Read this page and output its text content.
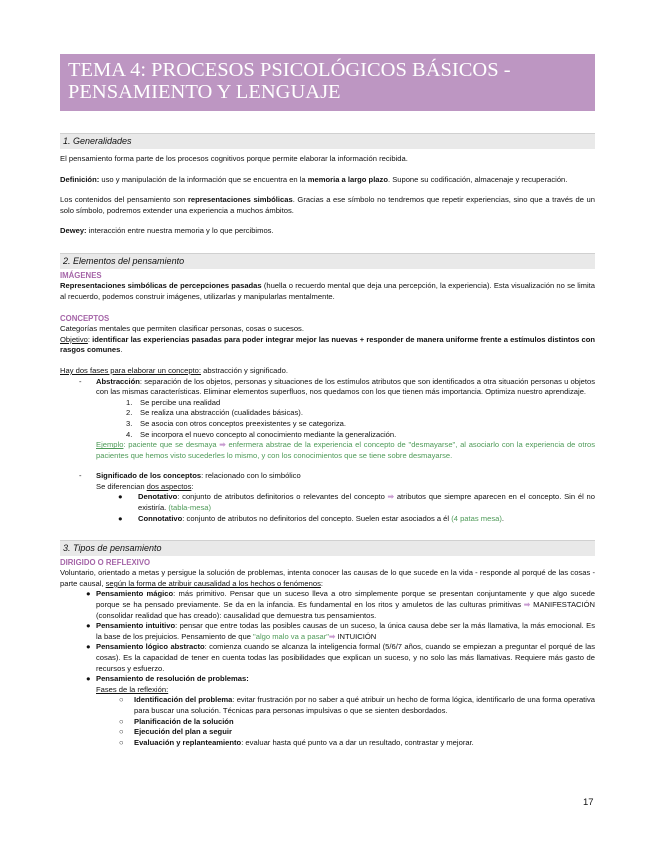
TEMA 4: PROCESOS PSICOLÓGICOS BÁSICOS -
PENSAMIENTO Y LENGUAJE
1. Generalidades

El pensamiento forma parte de los procesos cognitivos porque permite elaborar la información recibida.

Definición: uso y manipulación de la información que se encuentra en la memoria a largo plazo. Supone su codificación, almacenaje y recuperación.

Los contenidos del pensamiento son representaciones simbólicas. Gracias a ese símbolo no tendremos que repetir experiencias, sino que a través de un solo símbolo, podremos extender una experiencia a muchos ámbitos.

Dewey: interacción entre nuestra memoria y lo que percibimos.

2. Elementos del pensamiento
IMÁGENES

Representaciones simbólicas de percepciones pasadas (huella o recuerdo mental que deja una percepción, la experiencia). Esta visualización no se limita al recuerdo, podemos construir imágenes, utilizarlas y manipularlas mentalmente.

CONCEPTOS

Categorías mentales que permiten clasificar personas, cosas o sucesos.

Objetivo: identificar las experiencias pasadas para poder integrar mejor las nuevas + responder de manera uniforme frente a estímulos distintos con rasgos comunes.

Hay dos fases para elaborar un concepto: abstracción y significado.

- Abstracción: separación de los objetos, personas y situaciones de los estímulos atributos que son identificados a otra situación personas u objetos con las mismas características. Eliminar elementos superfluos, nos quedamos con los que tienen más importancia. Optimiza nuestro aprendizaje.

1. Se percibe una realidad
2. Se realiza una abstracción (cualidades básicas).
3. Se asocia con otros conceptos preexistentes y se categoriza.
4. Se incorpora el nuevo concepto al conocimiento mediante la generalización.

Ejemplo: paciente que se desmaya ➡ enfermera abstrae de la experiencia el concepto de "desmayarse", al asociarlo con la experiencia de otros pacientes que hemos visto sucederles lo mismo, y con los conocimientos que se tiene sobre desmayarse.

- Significado de los conceptos: relacionado con lo simbólico

Se diferencian dos aspectos:

● Denotativo: conjunto de atributos definitorios o relevantes del concepto ➡ atributos que siempre aparecen en el concepto. Sin él no existiría. (tabla-mesa)

● Connotativo: conjunto de atributos no definitorios del concepto. Suelen estar asociados a él (4 patas mesa).

3. Tipos de pensamiento
DIRIGIDO O REFLEXIVO

Voluntario, orientado a metas y persigue la solución de problemas, intenta conocer las causas de lo que sucede en la vida - responde al porqué de las cosas - parte causal, según la forma de atribuir causalidad a los hechos o fenómenos:

● Pensamiento mágico: más primitivo. Pensar que un suceso lleva a otro simplemente porque se presentan conjuntamente y que algo sucede porque se ha pensado previamente. Se da en la infancia. Es fundamental en los ritos y amuletos de las culturas primitivas ➡ MANIFESTACIÓN (consolidar realidad que has creado): causalidad que demuestra tus pensamientos.

● Pensamiento intuitivo: pensar que entre todas las posibles causas de un suceso, la única causa debe ser la más llamativa, la más emocional. Es la base de los prejuicios. Pensamiento de que "algo malo va a pasar"➡ INTUICIÓN

● Pensamiento lógico abstracto: comienza cuando se alcanza la inteligencia formal (5/6/7 años, cuando se empiezan a preguntar el porqué de las cosas). Es la capacidad de tener en cuenta todas las posibilidades que explican un suceso, y no solo las más llamativas. Requiere más gasto de recursos y esfuerzo.

● Pensamiento de resolución de problemas:

Fases de la reflexión:

○ Identificación del problema: evitar frustración por no saber a qué atribuir un hecho de forma lógica, identificarlo de una forma operativa para buscar una solución. Técnicas para personas impulsivas o que se sienten desbordados.

○ Planificación de la solución

○ Ejecución del plan a seguir

○ Evaluación y replanteamiento: evaluar hasta qué punto va a dar un resultado, contrastar y mejorar.

17
